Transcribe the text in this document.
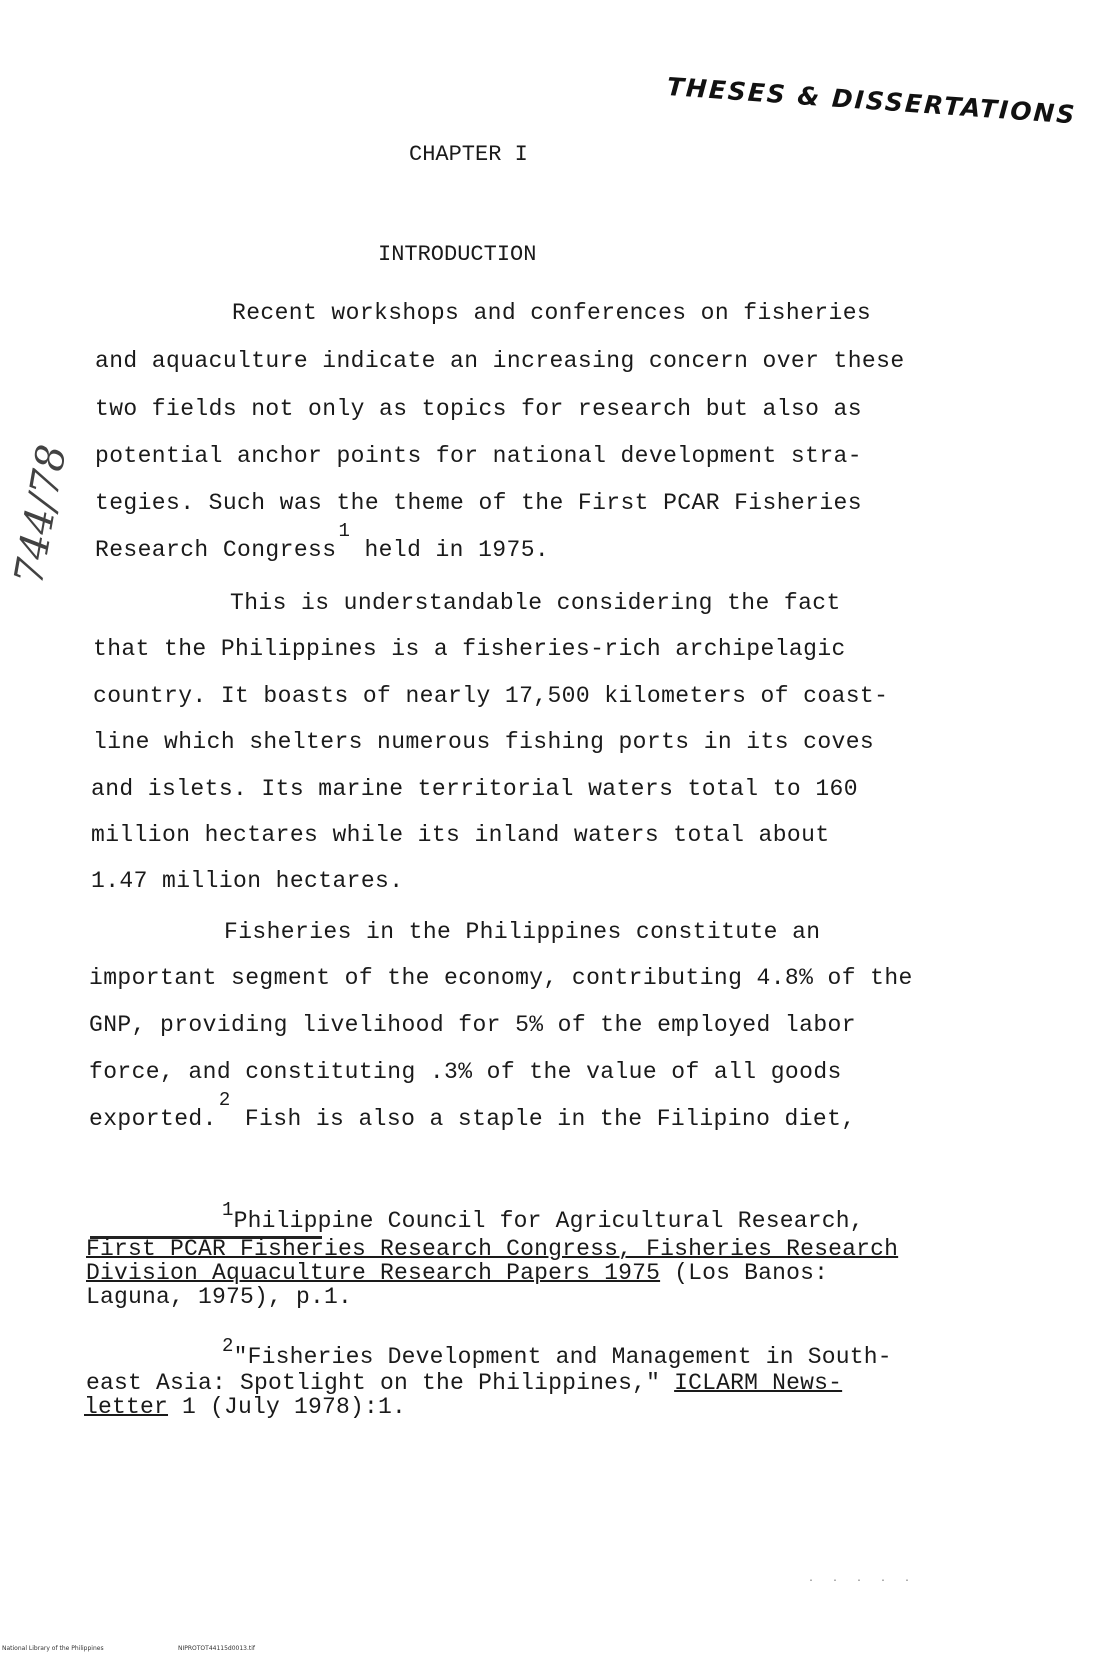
THESES & DISSERTATIONS
CHAPTER I
INTRODUCTION
744/78
Recent workshops and conferences on fisheries
and aquaculture indicate an increasing concern over these
two fields not only as topics for research but also as
potential anchor points for national development stra-
tegies. Such was the theme of the First PCAR Fisheries
Research Congress1 held in 1975.
This is understandable considering the fact
that the Philippines is a fisheries-rich archipelagic
country. It boasts of nearly 17,500 kilometers of coast-
line which shelters numerous fishing ports in its coves
and islets. Its marine territorial waters total to 160
million hectares while its inland waters total about
1.47 million hectares.
Fisheries in the Philippines constitute an
important segment of the economy, contributing 4.8% of the
GNP, providing livelihood for 5% of the employed labor
force, and constituting .3% of the value of all goods
exported.2 Fish is also a staple in the Filipino diet,
1Philippine Council for Agricultural Research,
First PCAR Fisheries Research Congress, Fisheries Research
Division Aquaculture Research Papers 1975 (Los Banos:
Laguna, 1975), p.1.
2"Fisheries Development and Management in South-
east Asia: Spotlight on the Philippines," ICLARM News-
letter 1 (July 1978):1.
· · · · ·
National Library of the Philippines	NIPROTOT44115d0013.tif
